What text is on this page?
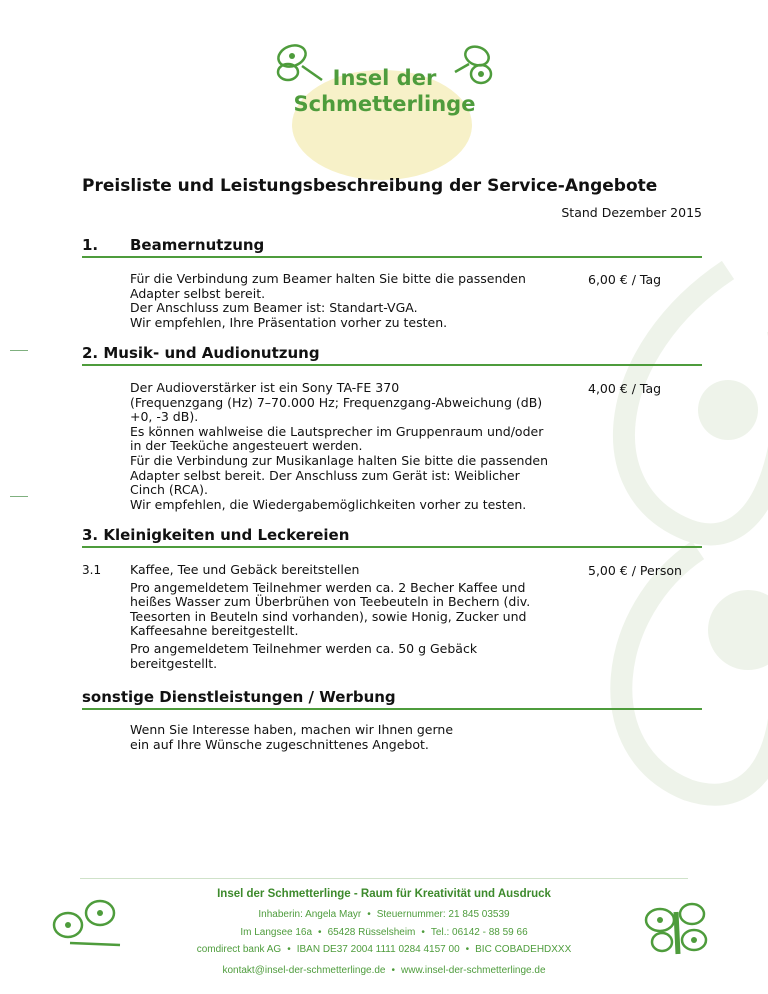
Insel der
Schmetterlinge
Preisliste und Leistungsbeschreibung der Service-Angebote
Stand Dezember 2015
1. Beamernutzung

Für die Verbindung zum Beamer halten Sie bitte die passenden

Adapter selbst bereit.

Der Anschluss zum Beamer ist: Standart-VGA.

Wir empfehlen, Ihre Präsentation vorher zu testen.

6,00 € / Tag
2. Musik- und Audionutzung

Der Audioverstärker ist ein Sony TA-FE 370

(Frequenzgang (Hz) 7–70.000 Hz; Frequenzgang-Abweichung (dB)

+0, -3 dB).

Es können wahlweise die Lautsprecher im Gruppenraum und/oder

in der Teeküche angesteuert werden.

Für die Verbindung zur Musikanlage halten Sie bitte die passenden

Adapter selbst bereit. Der Anschluss zum Gerät ist: Weiblicher

Cinch (RCA).

Wir empfehlen, die Wiedergabemöglichkeiten vorher zu testen.

4,00 € / Tag
3. Kleinigkeiten und Leckereien
3.1 Kaffee, Tee und Gebäck bereitstellen

Pro angemeldetem Teilnehmer werden ca. 2 Becher Kaffee und

heißes Wasser zum Überbrühen von Teebeuteln in Bechern (div.

Teesorten in Beuteln sind vorhanden), sowie Honig, Zucker und

Kaffeesahne bereitgestellt.

Pro angemeldetem Teilnehmer werden ca. 50 g Gebäck

bereitgestellt.

5,00 € / Person
sonstige Dienstleistungen / Werbung

Wenn Sie Interesse haben, machen wir Ihnen gerne

ein auf Ihre Wünsche zugeschnittenes Angebot.

Insel der Schmetterlinge - Raum für Kreativität und Ausdruck
Inhaberin: Angela Mayr • Steuernummer: 21 845 03539
Im Langsee 16a • 65428 Rüsselsheim • Tel.: 06142 - 88 59 66
comdirect bank AG • IBAN DE37 2004 1111 0284 4157 00 • BIC COBADEHDXXX
kontakt@insel-der-schmetterlinge.de • www.insel-der-schmetterlinge.de
